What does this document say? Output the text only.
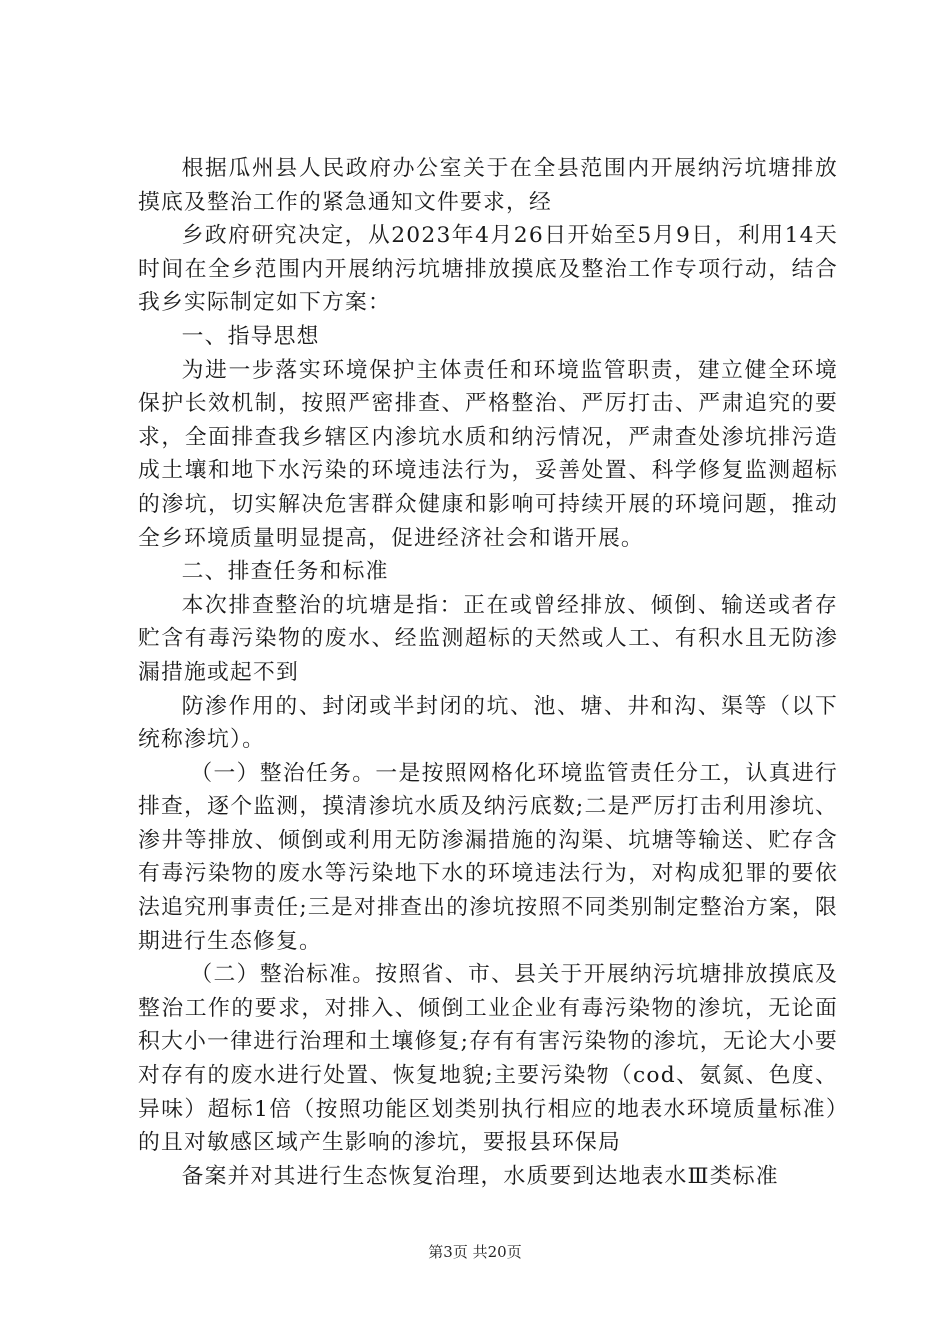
根据瓜州县人民政府办公室关于在全县范围内开展纳污坑塘排放摸底及整治工作的紧急通知文件要求，经

乡政府研究决定，从2023年4月26日开始至5月9日，利用14天时间在全乡范围内开展纳污坑塘排放摸底及整治工作专项行动，结合我乡实际制定如下方案：

一、指导思想

为进一步落实环境保护主体责任和环境监管职责，建立健全环境保护长效机制，按照严密排查、严格整治、严厉打击、严肃追究的要求，全面排查我乡辖区内渗坑水质和纳污情况，严肃查处渗坑排污造成土壤和地下水污染的环境违法行为，妥善处置、科学修复监测超标的渗坑，切实解决危害群众健康和影响可持续开展的环境问题，推动全乡环境质量明显提高，促进经济社会和谐开展。

二、排查任务和标准

本次排查整治的坑塘是指：正在或曾经排放、倾倒、输送或者存贮含有毒污染物的废水、经监测超标的天然或人工、有积水且无防渗漏措施或起不到

防渗作用的、封闭或半封闭的坑、池、塘、井和沟、渠等（以下统称渗坑）。

（一）整治任务。一是按照网格化环境监管责任分工，认真进行排查，逐个监测，摸清渗坑水质及纳污底数;二是严厉打击利用渗坑、渗井等排放、倾倒或利用无防渗漏措施的沟渠、坑塘等输送、贮存含有毒污染物的废水等污染地下水的环境违法行为，对构成犯罪的要依法追究刑事责任;三是对排查出的渗坑按照不同类别制定整治方案，限期进行生态修复。

（二）整治标准。按照省、市、县关于开展纳污坑塘排放摸底及整治工作的要求，对排入、倾倒工业企业有毒污染物的渗坑，无论面积大小一律进行治理和土壤修复;存有有害污染物的渗坑，无论大小要对存有的废水进行处置、恢复地貌;主要污染物（cod、氨氮、色度、异味）超标1倍（按照功能区划类别执行相应的地表水环境质量标准）的且对敏感区域产生影响的渗坑，要报县环保局

备案并对其进行生态恢复治理，水质要到达地表水Ⅲ类标准

第3页 共20页
